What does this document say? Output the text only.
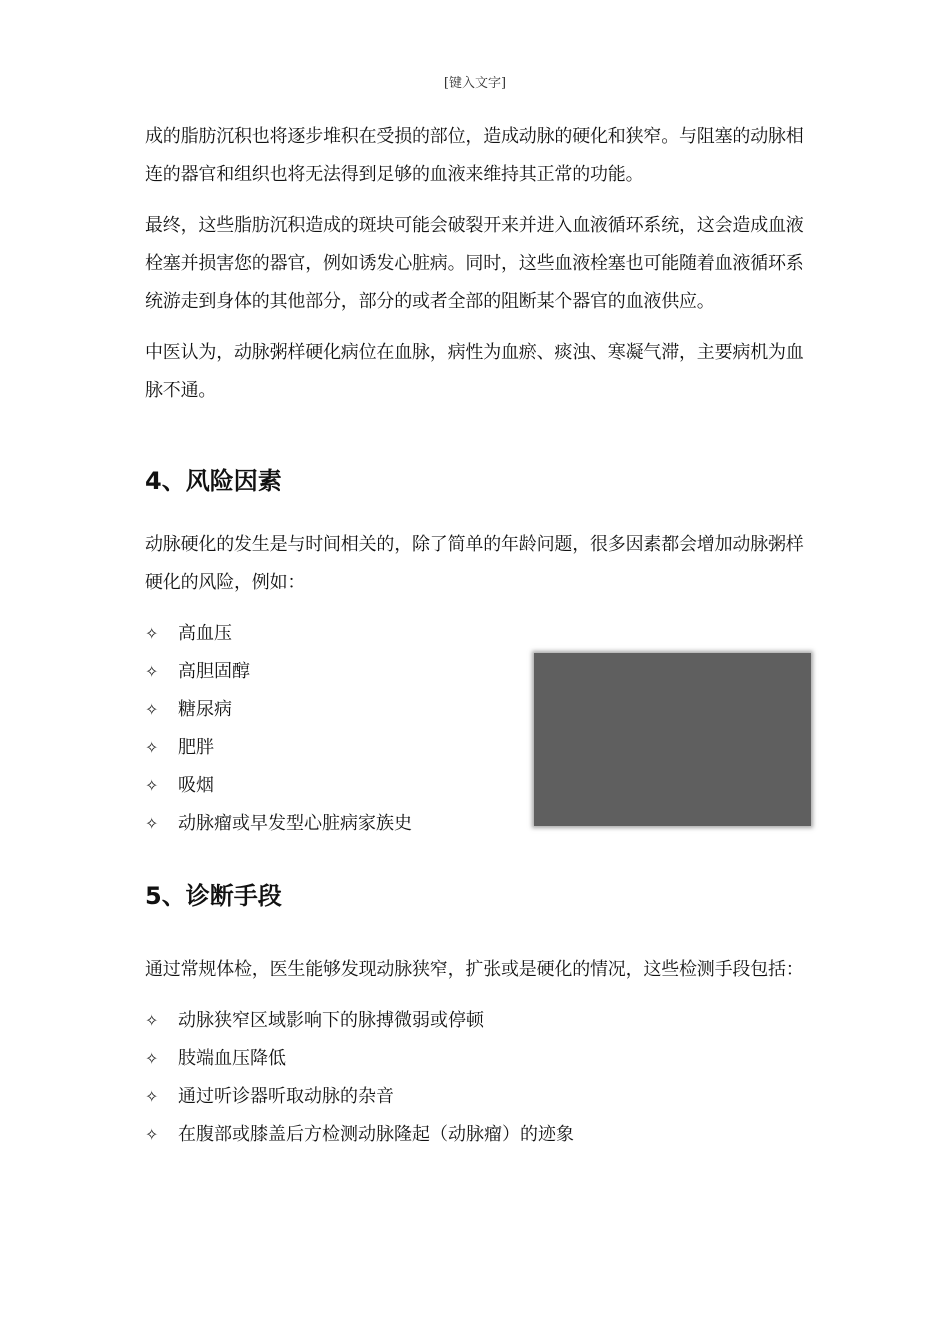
[键入文字]

成的脂肪沉积也将逐步堆积在受损的部位，造成动脉的硬化和狭窄。与阻塞的动脉相连的器官和组织也将无法得到足够的血液来维持其正常的功能。

最终，这些脂肪沉积造成的斑块可能会破裂开来并进入血液循环系统，这会造成血液栓塞并损害您的器官，例如诱发心脏病。同时，这些血液栓塞也可能随着血液循环系统游走到身体的其他部分，部分的或者全部的阻断某个器官的血液供应。

中医认为，动脉粥样硬化病位在血脉，病性为血瘀、痰浊、寒凝气滞，主要病机为血脉不通。

4、风险因素

动脉硬化的发生是与时间相关的，除了简单的年龄问题，很多因素都会增加动脉粥样硬化的风险，例如：

✧	高血压
✧	高胆固醇
✧	糖尿病
✧	肥胖
✧	吸烟
✧	动脉瘤或早发型心脏病家族史
5、诊断手段

通过常规体检，医生能够发现动脉狭窄，扩张或是硬化的情况，这些检测手段包括：

✧	动脉狭窄区域影响下的脉搏微弱或停顿
✧	肢端血压降低
✧	通过听诊器听取动脉的杂音
✧	在腹部或膝盖后方检测动脉隆起（动脉瘤）的迹象
